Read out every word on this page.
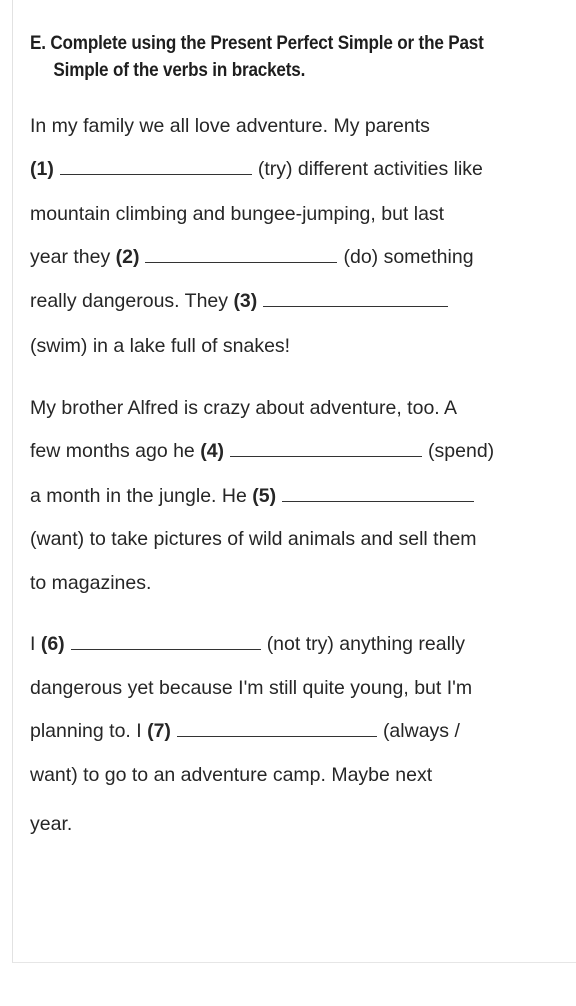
E. Complete using the Present Perfect Simple or the Past
Simple of the verbs in brackets.
In my family we all love adventure. My parents
(1)	(try) different activities like
mountain climbing and bungee-jumping, but last
year they (2)	(do) something
really dangerous. They (3)
(swim) in a lake full of snakes!
My brother Alfred is crazy about adventure, too. A
few months ago he (4)	(spend)
a month in the jungle. He (5)
(want) to take pictures of wild animals and sell them
to magazines.
I (6)	(not try) anything really
dangerous yet because I'm still quite young, but I'm
planning to. I (7)	(always /
want) to go to an adventure camp. Maybe next
year.
